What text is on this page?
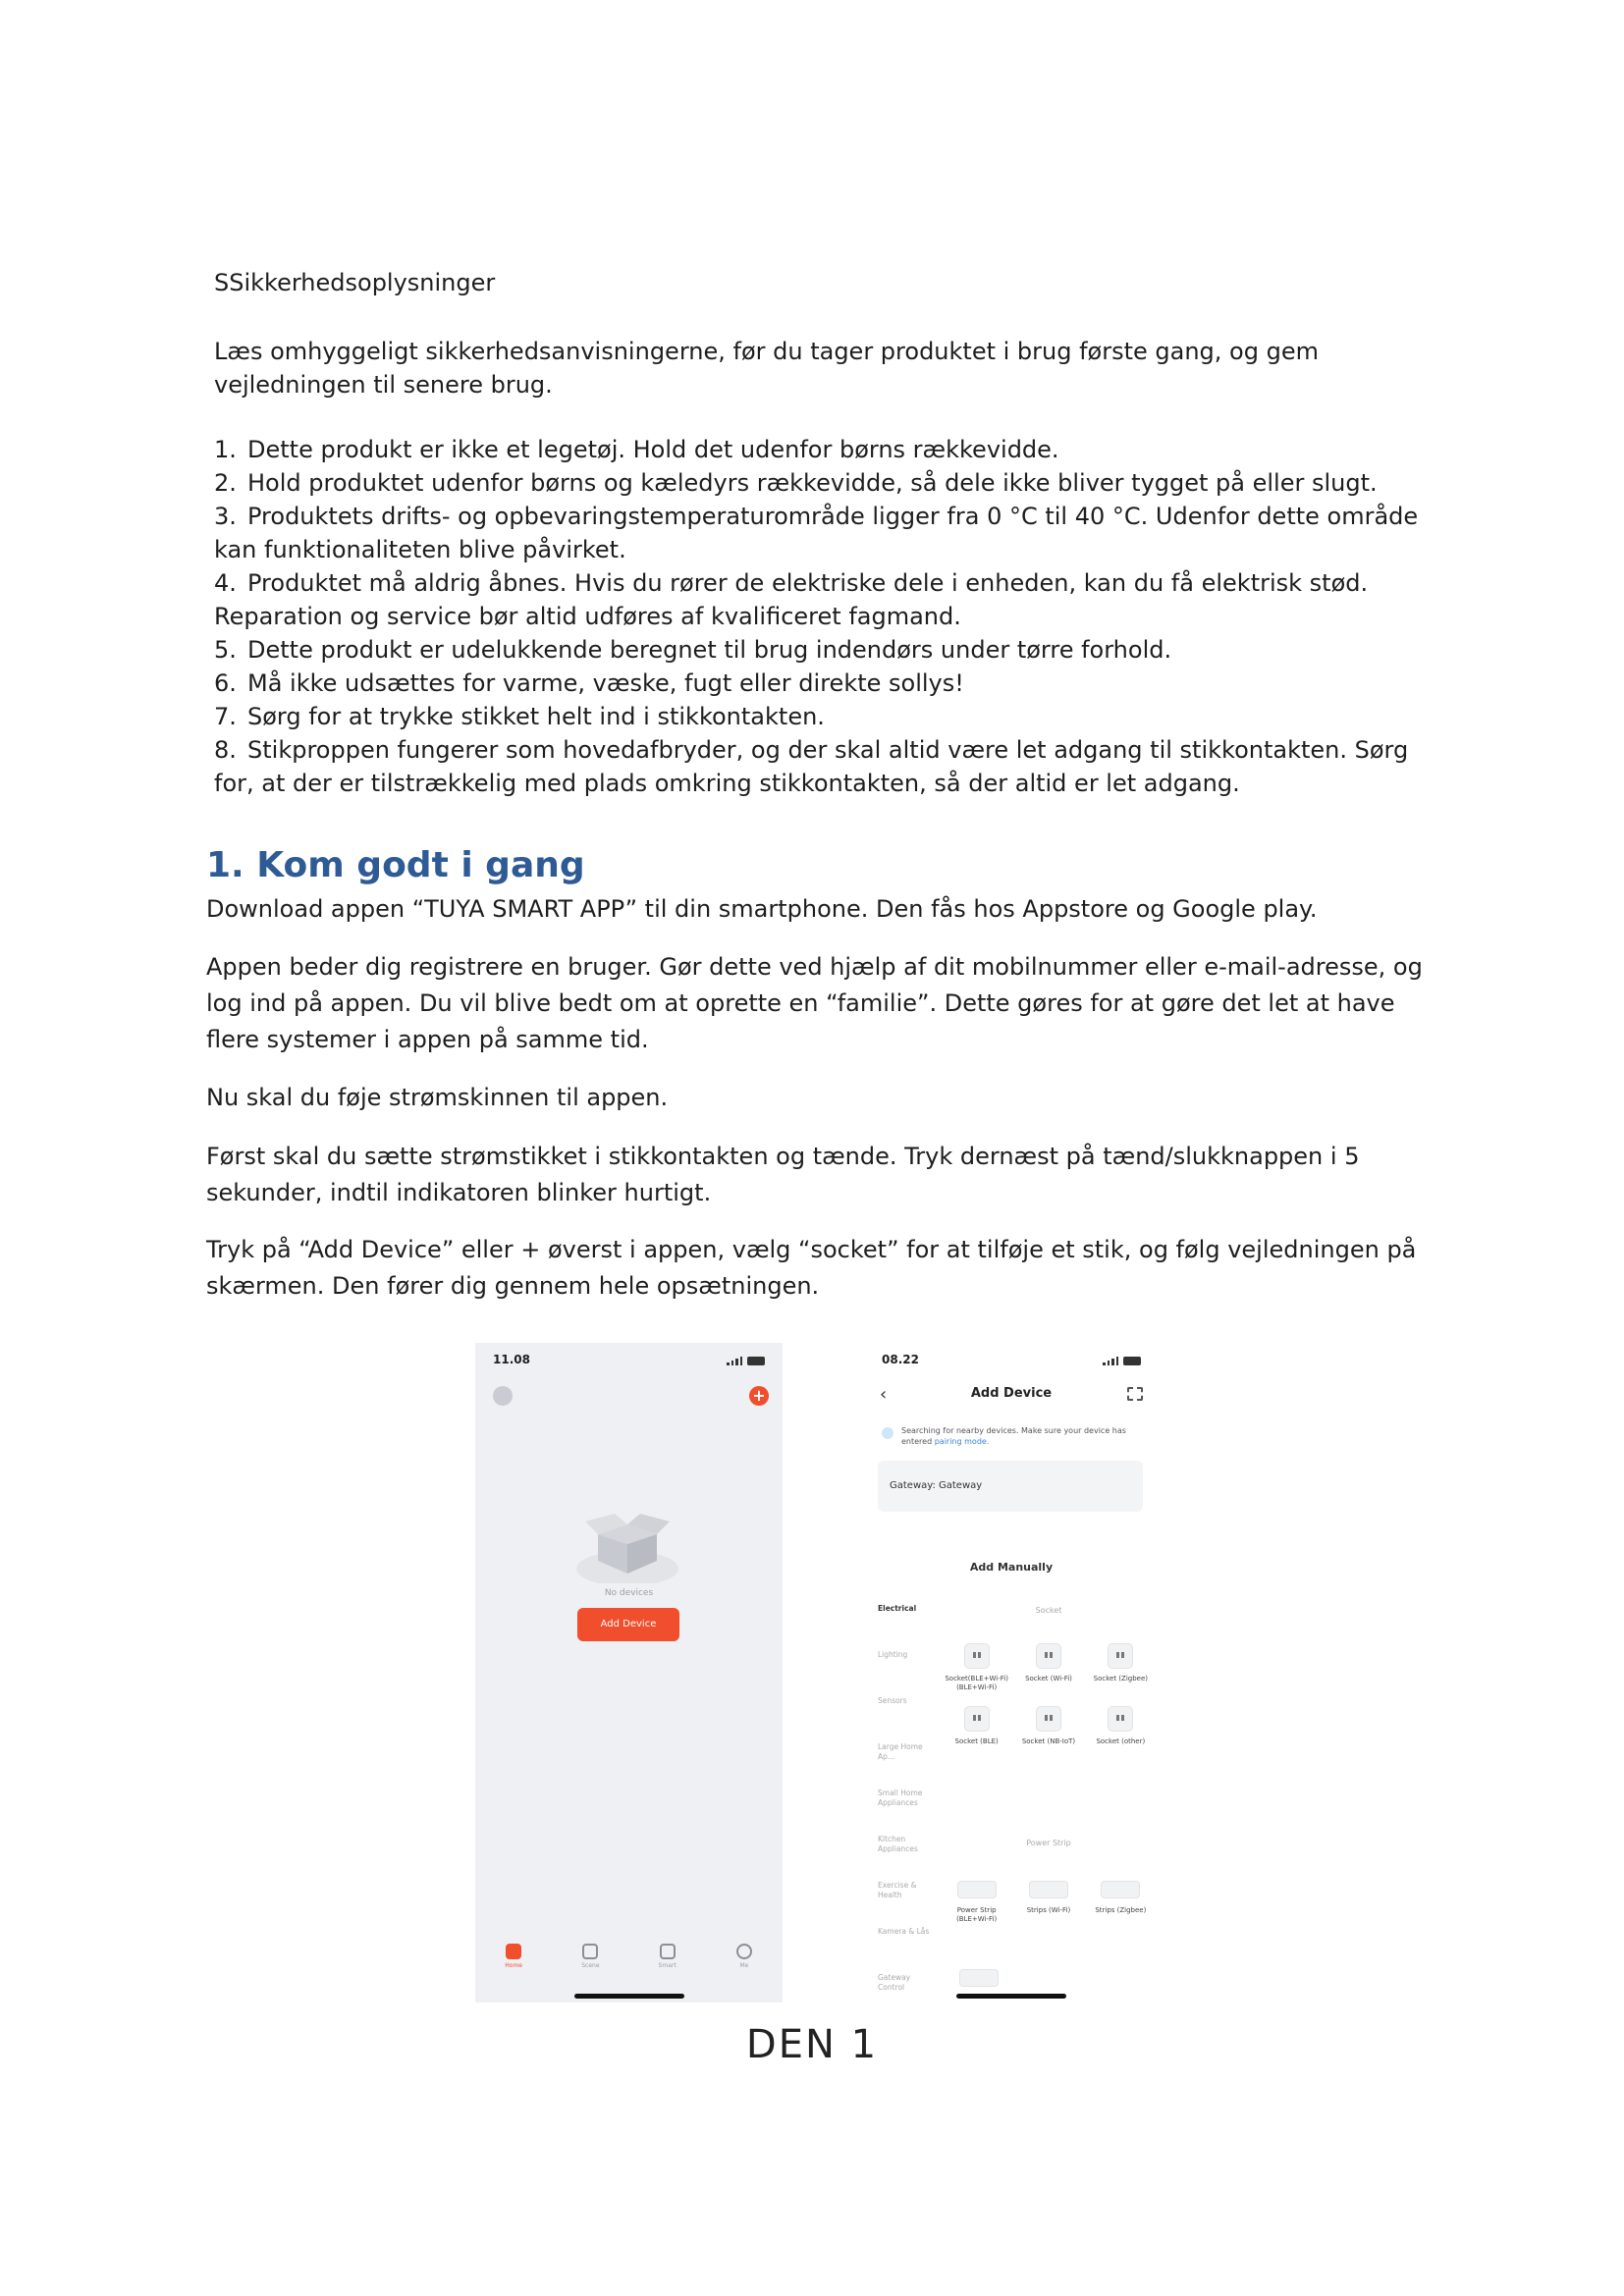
SSikkerhedsoplysninger

Læs omhyggeligt sikkerhedsanvisningerne, før du tager produktet i brug første gang, og gem vejledningen til senere brug.

1. Dette produkt er ikke et legetøj. Hold det udenfor børns rækkevidde.
2. Hold produktet udenfor børns og kæledyrs rækkevidde, så dele ikke bliver tygget på eller slugt.
3. Produktets drifts- og opbevaringstemperaturområde ligger fra 0 °C til 40 °C. Udenfor dette område kan funktionaliteten blive påvirket.
4. Produktet må aldrig åbnes. Hvis du rører de elektriske dele i enheden, kan du få elektrisk stød. Reparation og service bør altid udføres af kvalificeret fagmand.
5. Dette produkt er udelukkende beregnet til brug indendørs under tørre forhold.
6. Må ikke udsættes for varme, væske, fugt eller direkte sollys!
7. Sørg for at trykke stikket helt ind i stikkontakten.
8. Stikproppen fungerer som hovedafbryder, og der skal altid være let adgang til stikkontakten. Sørg for, at der er tilstrækkelig med plads omkring stikkontakten, så der altid er let adgang.
1. Kom godt i gang

Download appen “TUYA SMART APP” til din smartphone. Den fås hos Appstore og Google play.

Appen beder dig registrere en bruger. Gør dette ved hjælp af dit mobilnummer eller e-mail-adresse, og log ind på appen. Du vil blive bedt om at oprette en “familie”. Dette gøres for at gøre det let at have flere systemer i appen på samme tid.

Nu skal du føje strømskinnen til appen.

Først skal du sætte strømstikket i stikkontakten og tænde. Tryk dernæst på tænd/slukknappen i 5 sekunder, indtil indikatoren blinker hurtigt.

Tryk på “Add Device” eller + øverst i appen, vælg “socket” for at tilføje et stik, og følg vejledningen på skærmen. Den fører dig gennem hele opsætningen.

11.08
+
No devices
Add Device
Home	Scene	Smart	Me
08.22
‹	Add Device
Searching for nearby devices. Make sure your device has entered pairing mode.
Gateway: Gateway
Add Manually
Electrical
Lighting
Sensors
Large Home Ap...
Small Home Appliances
Kitchen Appliances
Exercise & Health
Kamera & Lås
Gateway Control
Socket
Socket(BLE+Wi-Fi) (BLE+Wi-Fi)
Socket (Wi-Fi)	Socket (Zigbee)
Socket (BLE)	Socket (NB-IoT)	Socket (other)
Power Strip
Power Strip (BLE+Wi-Fi)
Strips (Wi-Fi)	Strips (Zigbee)
DEN 1
